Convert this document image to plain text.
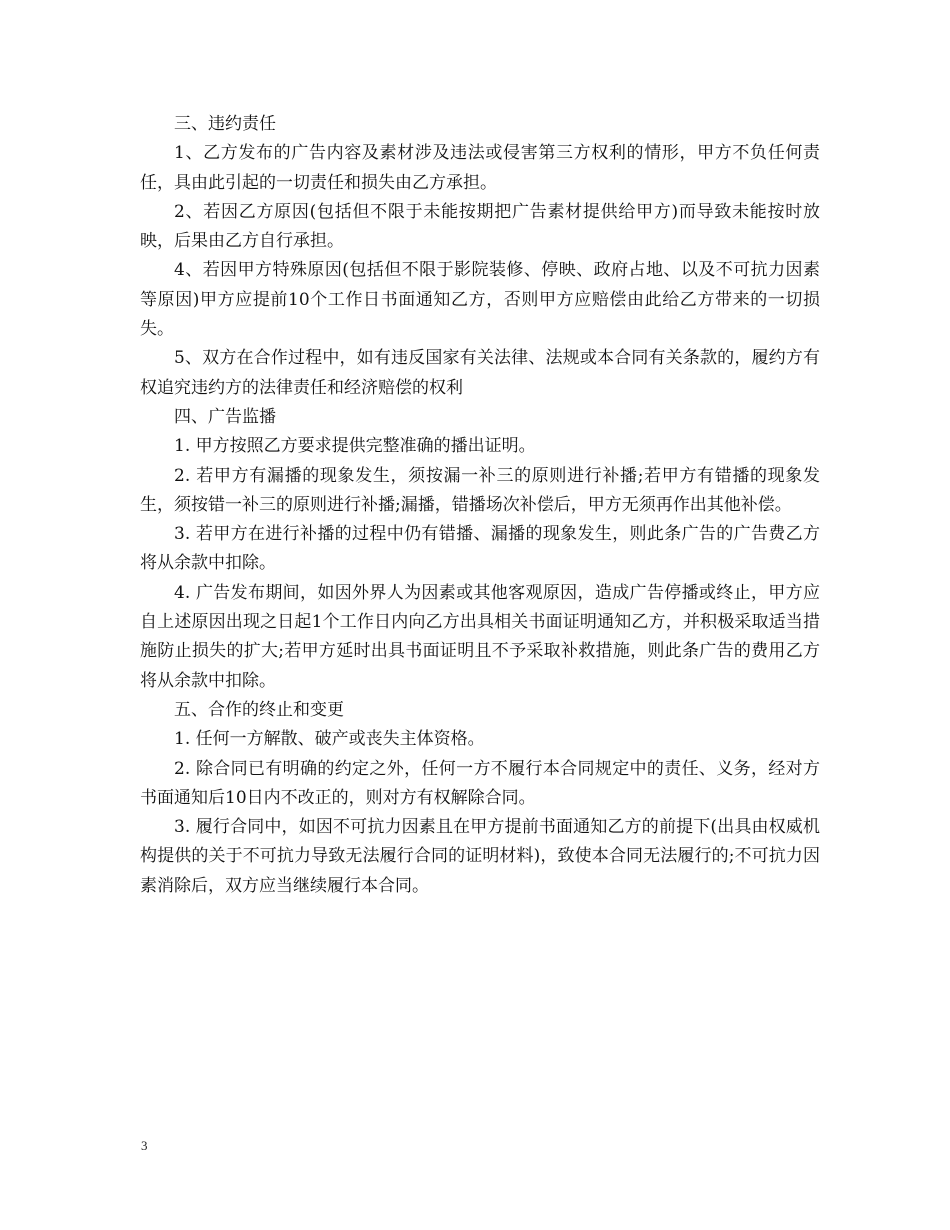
三、违约责任

1、乙方发布的广告内容及素材涉及违法或侵害第三方权利的情形，甲方不负任何责任，具由此引起的一切责任和损失由乙方承担。

2、若因乙方原因(包括但不限于未能按期把广告素材提供给甲方)而导致未能按时放映，后果由乙方自行承担。

4、若因甲方特殊原因(包括但不限于影院装修、停映、政府占地、以及不可抗力因素等原因)甲方应提前10个工作日书面通知乙方，否则甲方应赔偿由此给乙方带来的一切损失。

5、双方在合作过程中，如有违反国家有关法律、法规或本合同有关条款的，履约方有权追究违约方的法律责任和经济赔偿的权利

四、广告监播

1. 甲方按照乙方要求提供完整准确的播出证明。

2. 若甲方有漏播的现象发生，须按漏一补三的原则进行补播;若甲方有错播的现象发生，须按错一补三的原则进行补播;漏播，错播场次补偿后，甲方无须再作出其他补偿。

3. 若甲方在进行补播的过程中仍有错播、漏播的现象发生，则此条广告的广告费乙方将从余款中扣除。

4. 广告发布期间，如因外界人为因素或其他客观原因，造成广告停播或终止，甲方应自上述原因出现之日起1个工作日内向乙方出具相关书面证明通知乙方，并积极采取适当措施防止损失的扩大;若甲方延时出具书面证明且不予采取补救措施，则此条广告的费用乙方将从余款中扣除。

五、合作的终止和变更

1. 任何一方解散、破产或丧失主体资格。

2. 除合同已有明确的约定之外，任何一方不履行本合同规定中的责任、义务，经对方书面通知后10日内不改正的，则对方有权解除合同。

3. 履行合同中，如因不可抗力因素且在甲方提前书面通知乙方的前提下(出具由权威机构提供的关于不可抗力导致无法履行合同的证明材料)，致使本合同无法履行的;不可抗力因素消除后，双方应当继续履行本合同。

3
